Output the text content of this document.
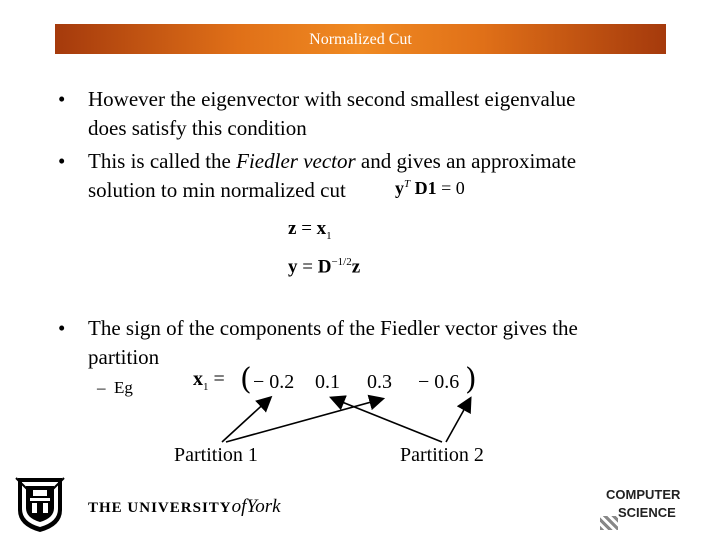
Normalized Cut
• However the eigenvector with second smallest eigenvalue
does satisfy this condition
• This is called the Fiedler vector and gives an approximate
solution to min normalized cut	$y^T$ D1 = 0
$z = x_1$
$y = D^{-1/2}z$
• The sign of the components of the Fiedler vector gives the
partition
– Eg	$x_1$ = ( − 0.2 0.1 0.3 − 0.6 )
Partition 1	Partition 2
THE UNIVERSITYofYork
COMPUTER
SCIENCE
